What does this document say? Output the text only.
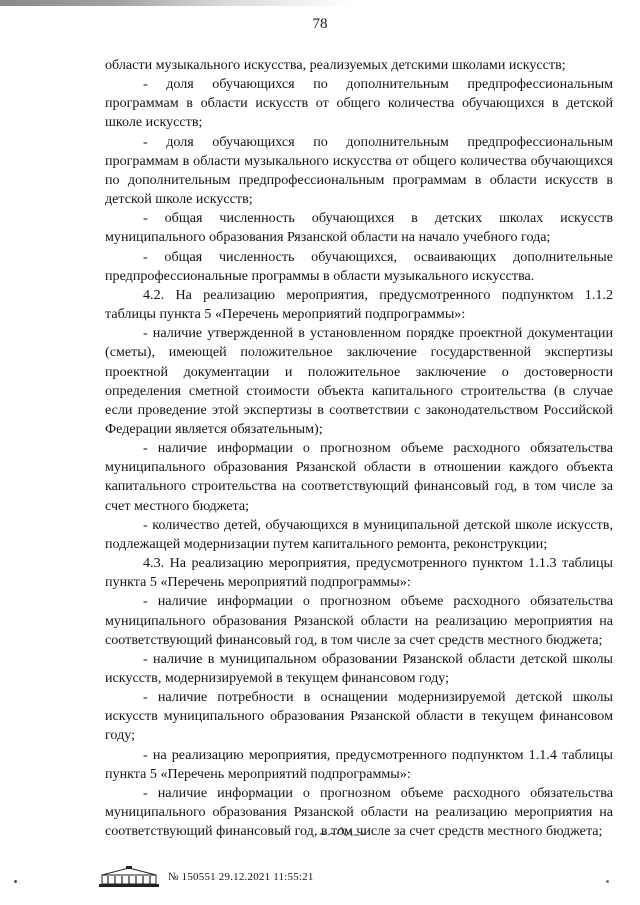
78

области музыкального искусства, реализуемых детскими школами искусств;

- доля обучающихся по дополнительным предпрофессиональным программам в области искусств от общего количества обучающихся в детской школе искусств;

- доля обучающихся по дополнительным предпрофессиональным программам в области музыкального искусства от общего количества обучающихся по дополнительным предпрофессиональным программам в области искусств в детской школе искусств;

- общая численность обучающихся в детских школах искусств муниципального образования Рязанской области на начало учебного года;

- общая численность обучающихся, осваивающих дополнительные предпрофессиональные программы в области музыкального искусства.

4.2. На реализацию мероприятия, предусмотренного подпунктом 1.1.2 таблицы пункта 5 «Перечень мероприятий подпрограммы»:

- наличие утвержденной в установленном порядке проектной документации (сметы), имеющей положительное заключение государственной экспертизы проектной документации и положительное заключение о достоверности определения сметной стоимости объекта капитального строительства (в случае если проведение этой экспертизы в соответствии с законодательством Российской Федерации является обязательным);

- наличие информации о прогнозном объеме расходного обязательства муниципального образования Рязанской области в отношении каждого объекта капитального строительства на соответствующий финансовый год, в том числе за счет местного бюджета;

- количество детей, обучающихся в муниципальной детской школе искусств, подлежащей модернизации путем капитального ремонта, реконструкции;

4.3. На реализацию мероприятия, предусмотренного пунктом 1.1.3 таблицы пункта 5 «Перечень мероприятий подпрограммы»:

- наличие информации о прогнозном объеме расходного обязательства муниципального образования Рязанской области на реализацию мероприятия на соответствующий финансовый год, в том числе за счет средств местного бюджета;

- наличие в муниципальном образовании Рязанской области детской школы искусств, модернизируемой в текущем финансовом году;

- наличие потребности в оснащении модернизируемой детской школы искусств муниципального образования Рязанской области в текущем финансовом году;

- на реализацию мероприятия, предусмотренного подпунктом 1.1.4 таблицы пункта 5 «Перечень мероприятий подпрограммы»:

- наличие информации о прогнозном объеме расходного обязательства муниципального образования Рязанской области на реализацию мероприятия на соответствующий финансовый год, в том числе за счет средств местного бюджета;

№ 150551 29.12.2021 11:55:21
